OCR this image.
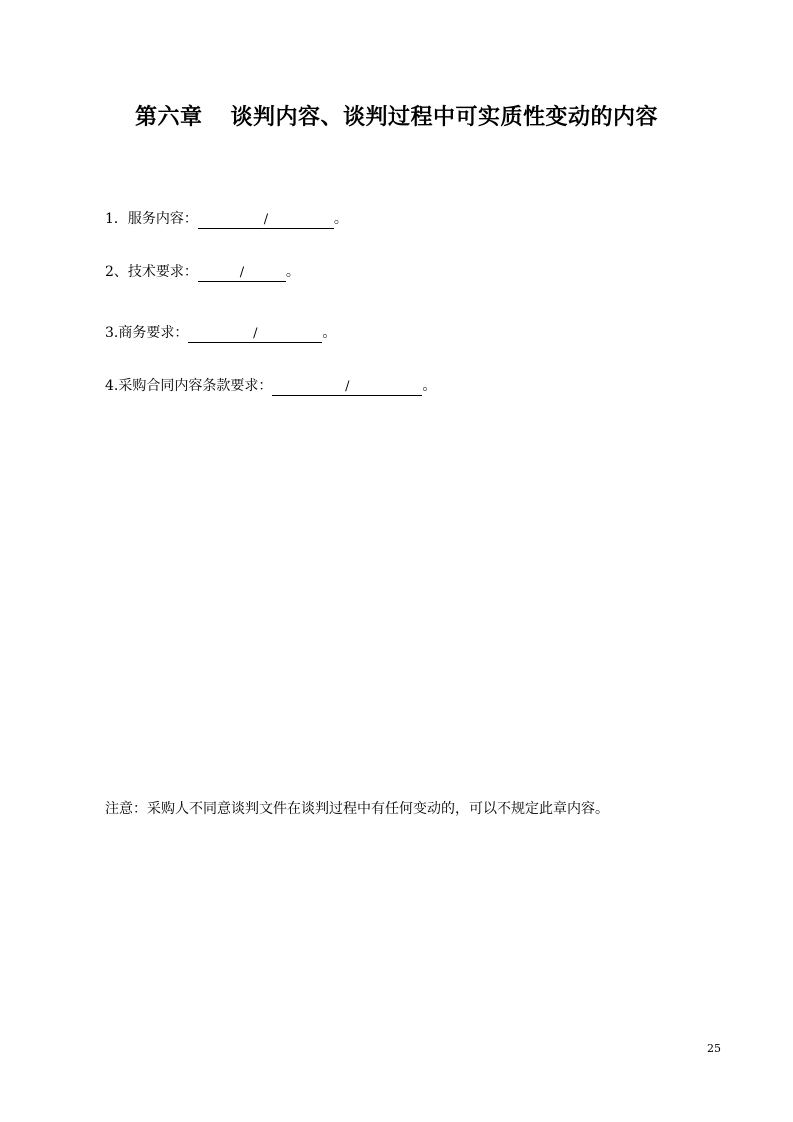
第六章 谈判内容、谈判过程中可实质性变动的内容
1．服务内容：	/	。
2、技术要求：	/	。
3.商务要求：	/	。
4.采购合同内容条款要求：	/	。
注意：采购人不同意谈判文件在谈判过程中有任何变动的，可以不规定此章内容。
25
